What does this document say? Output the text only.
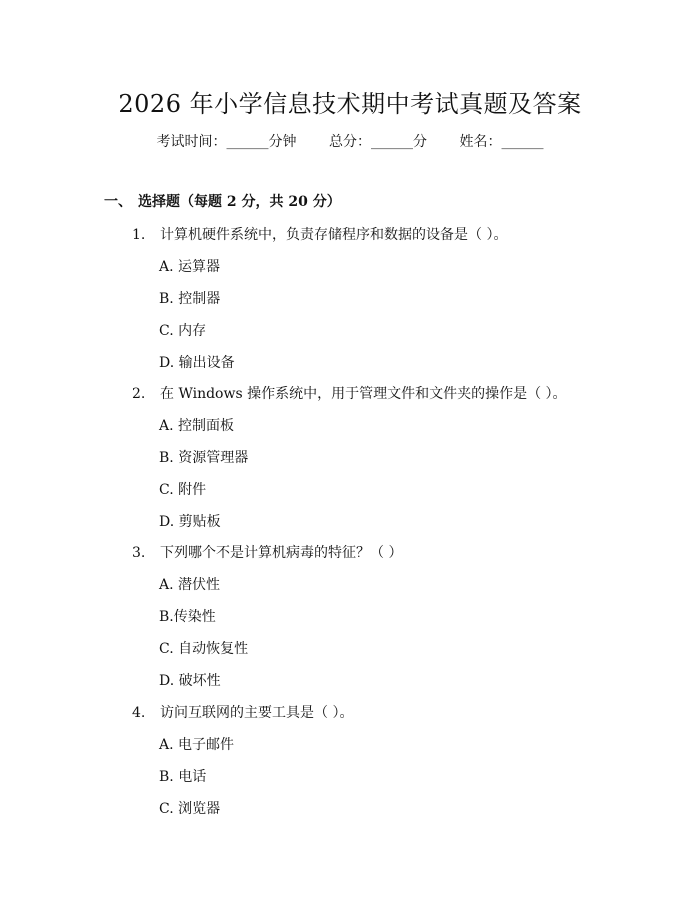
2026 年小学信息技术期中考试真题及答案
考试时间：______分钟 总分：______分 姓名：______
一、 选择题（每题 2 分，共 20 分）
1. 计算机硬件系统中，负责存储程序和数据的设备是（ ）。
A. 运算器
B. 控制器
C. 内存
D. 输出设备
2. 在 Windows 操作系统中，用于管理文件和文件夹的操作是（ ）。
A. 控制面板
B. 资源管理器
C. 附件
D. 剪贴板
3. 下列哪个不是计算机病毒的特征？（ ）
A. 潜伏性
B.传染性
C. 自动恢复性
D. 破坏性
4. 访问互联网的主要工具是（ ）。
A. 电子邮件
B. 电话
C. 浏览器
